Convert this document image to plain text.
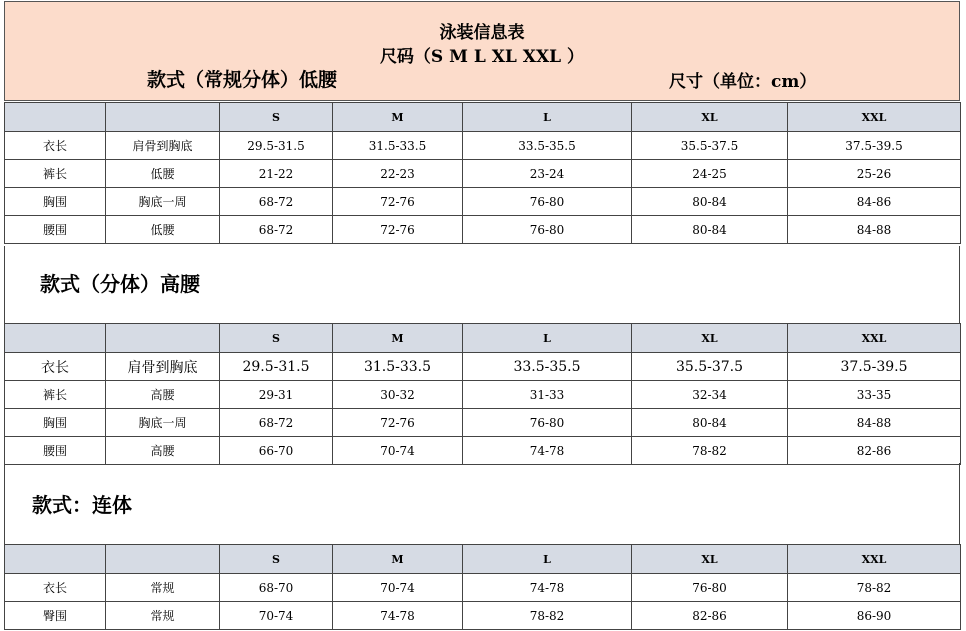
泳装信息表
尺码（S M L XL XXL ）
款式（常规分体）低腰	尺寸（单位：cm）
		S	M	L	XL	XXL
衣长	肩骨到胸底	29.5-31.5	31.5-33.5	33.5-35.5	35.5-37.5	37.5-39.5
裤长	低腰	21-22	22-23	23-24	24-25	25-26
胸围	胸底一周	68-72	72-76	76-80	80-84	84-86
腰围	低腰	68-72	72-76	76-80	80-84	84-88
款式（分体）高腰
		S	M	L	XL	XXL
衣长	肩骨到胸底	29.5-31.5	31.5-33.5	33.5-35.5	35.5-37.5	37.5-39.5
裤长	高腰	29-31	30-32	31-33	32-34	33-35
胸围	胸底一周	68-72	72-76	76-80	80-84	84-88
腰围	高腰	66-70	70-74	74-78	78-82	82-86
款式：连体
		S	M	L	XL	XXL
衣长	常规	68-70	70-74	74-78	76-80	78-82
臀围	常规	70-74	74-78	78-82	82-86	86-90
